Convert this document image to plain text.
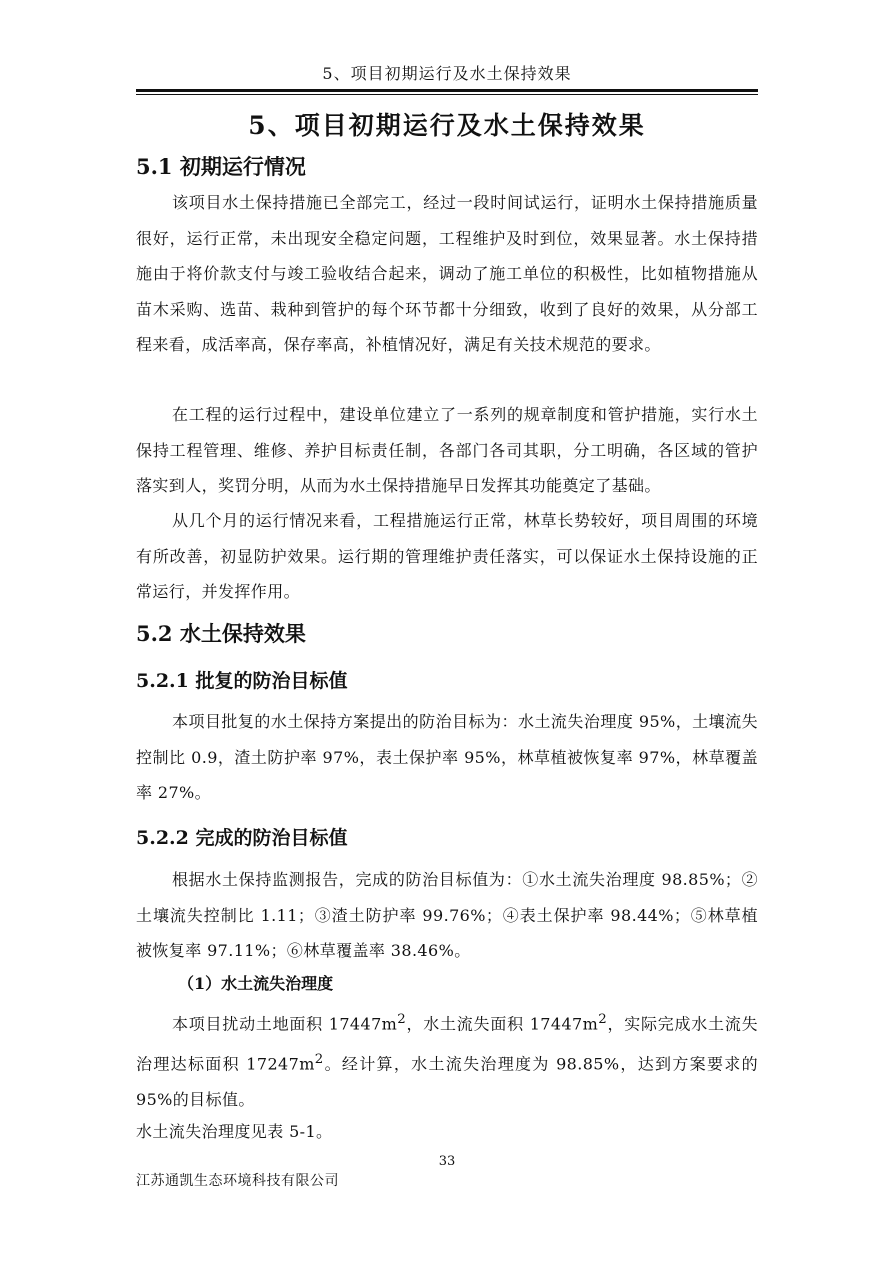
5、项目初期运行及水土保持效果
5、项目初期运行及水土保持效果
5.1 初期运行情况

该项目水土保持措施已全部完工，经过一段时间试运行，证明水土保持措施质量很好，运行正常，未出现安全稳定问题，工程维护及时到位，效果显著。水土保持措施由于将价款支付与竣工验收结合起来，调动了施工单位的积极性，比如植物措施从苗木采购、选苗、栽种到管护的每个环节都十分细致，收到了良好的效果，从分部工程来看，成活率高，保存率高，补植情况好，满足有关技术规范的要求。

在工程的运行过程中，建设单位建立了一系列的规章制度和管护措施，实行水土保持工程管理、维修、养护目标责任制，各部门各司其职，分工明确，各区域的管护落实到人，奖罚分明，从而为水土保持措施早日发挥其功能奠定了基础。

从几个月的运行情况来看，工程措施运行正常，林草长势较好，项目周围的环境有所改善，初显防护效果。运行期的管理维护责任落实，可以保证水土保持设施的正常运行，并发挥作用。

5.2 水土保持效果
5.2.1 批复的防治目标值

本项目批复的水土保持方案提出的防治目标为：水土流失治理度 95%，土壤流失控制比 0.9，渣土防护率 97%，表土保护率 95%，林草植被恢复率 97%，林草覆盖率 27%。

5.2.2 完成的防治目标值

根据水土保持监测报告，完成的防治目标值为：①水土流失治理度 98.85%；②土壤流失控制比 1.11；③渣土防护率 99.76%；④表土保护率 98.44%；⑤林草植被恢复率 97.11%；⑥林草覆盖率 38.46%。

（1）水土流失治理度

本项目扰动土地面积 $17447m^2$，水土流失面积 $17447m^2$，实际完成水土流失治理达标面积 $17247m^2$。经计算，水土流失治理度为 98.85%，达到方案要求的 95%的目标值。

水土流失治理度见表 5-1。

33
江苏通凯生态环境科技有限公司
